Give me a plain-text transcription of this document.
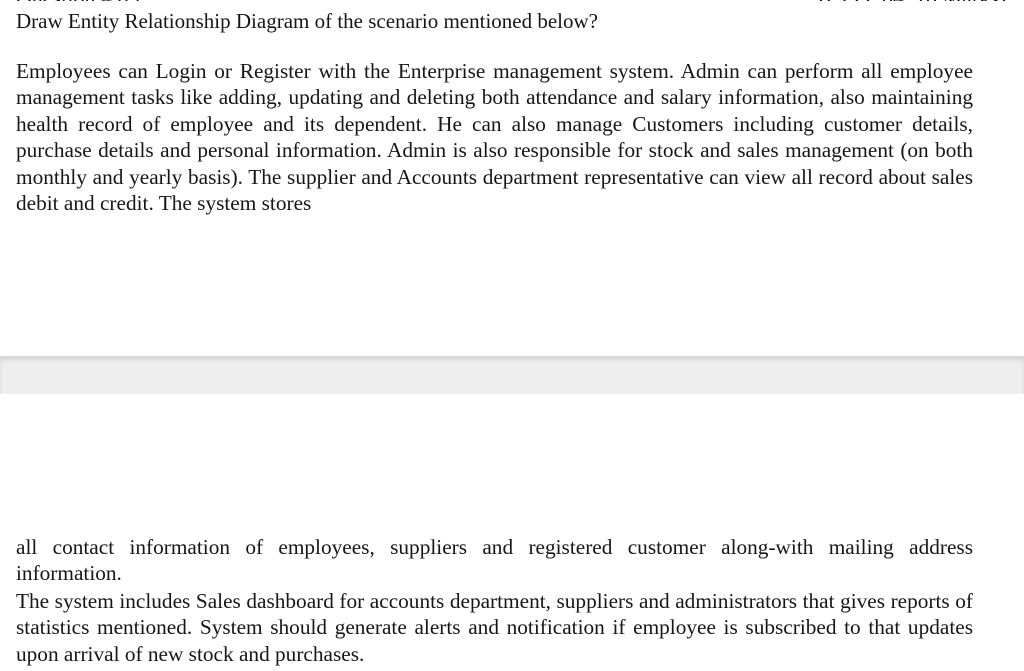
Draw Entity Relationship Diagram of the scenario mentioned below?
Employees can Login or Register with the Enterprise management system. Admin can perform all employee management tasks like adding, updating and deleting both attendance and salary information, also maintaining health record of employee and its dependent. He can also manage Customers including customer details, purchase details and personal information. Admin is also responsible for stock and sales management (on both monthly and yearly basis). The supplier and Accounts department representative can view all record about sales debit and credit. The system stores
all contact information of employees, suppliers and registered customer along-with mailing address information.
The system includes Sales dashboard for accounts department, suppliers and administrators that gives reports of statistics mentioned. System should generate alerts and notification if employee is subscribed to that updates upon arrival of new stock and purchases.
